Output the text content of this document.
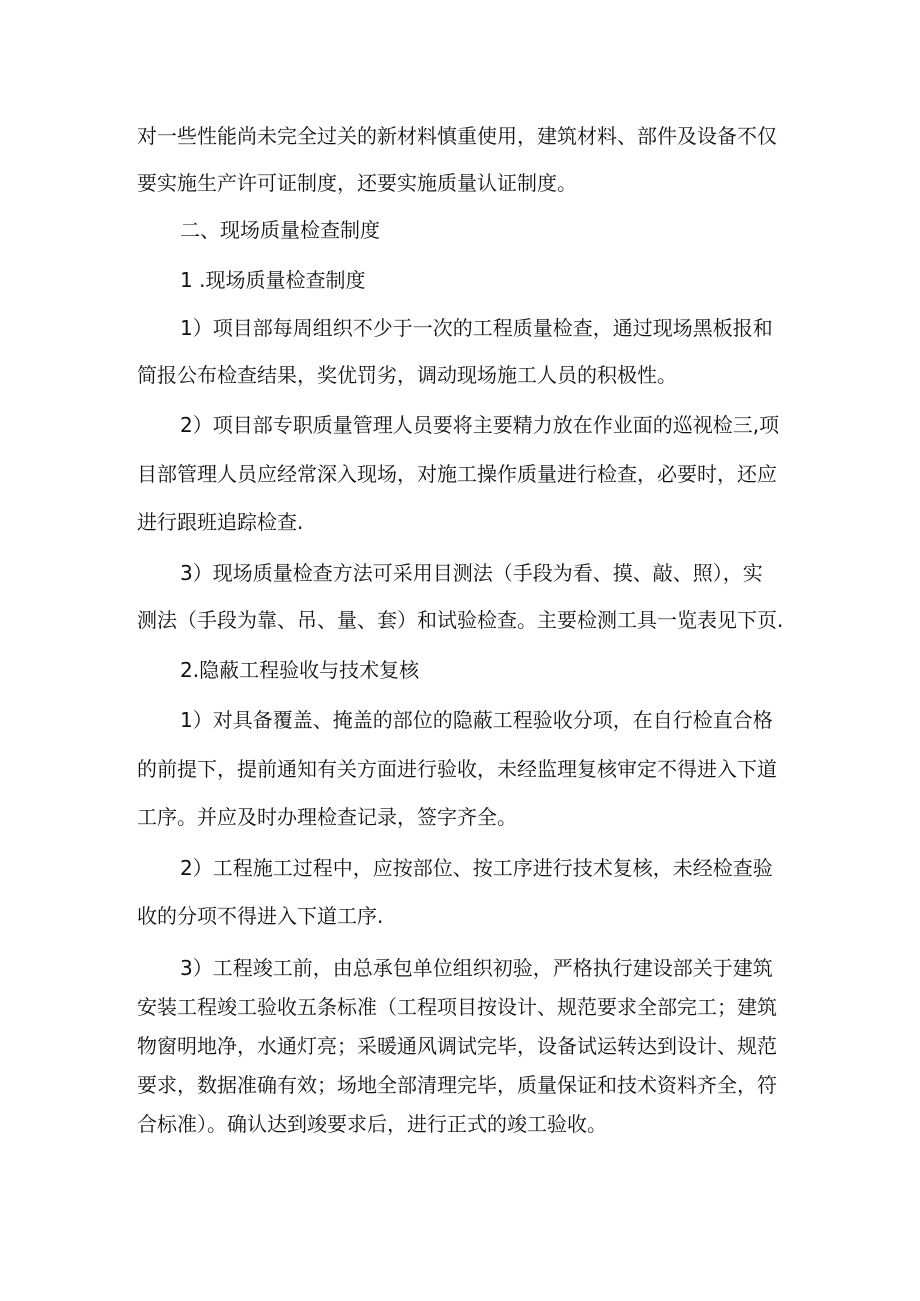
对一些性能尚未完全过关的新材料慎重使用，建筑材料、部件及设备不仅

要实施生产许可证制度，还要实施质量认证制度。

二、现场质量检查制度

1 .现场质量检查制度

1）项目部每周组织不少于一次的工程质量检查，通过现场黑板报和

简报公布检查结果，奖优罚劣，调动现场施工人员的积极性。

2）项目部专职质量管理人员要将主要精力放在作业面的巡视检三,项

目部管理人员应经常深入现场，对施工操作质量进行检查，必要时，还应

进行跟班追踪检查.

3）现场质量检查方法可采用目测法（手段为看、摸、敲、照），实

测法（手段为靠、吊、量、套）和试验检查。主要检测工具一览表见下页.

2.隐蔽工程验收与技术复核

1）对具备覆盖、掩盖的部位的隐蔽工程验收分项，在自行检直合格

的前提下，提前通知有关方面进行验收，未经监理复核审定不得进入下道

工序。并应及时办理检查记录，签字齐全。

2）工程施工过程中，应按部位、按工序进行技术复核，未经检查验

收的分项不得进入下道工序.

3）工程竣工前，由总承包单位组织初验，严格执行建设部关于建筑

安装工程竣工验收五条标准（工程项目按设计、规范要求全部完工；建筑

物窗明地净，水通灯亮；采暖通风调试完毕，设备试运转达到设计、规范

要求，数据准确有效；场地全部清理完毕，质量保证和技术资料齐全，符

合标准）。确认达到竣要求后，进行正式的竣工验收。
